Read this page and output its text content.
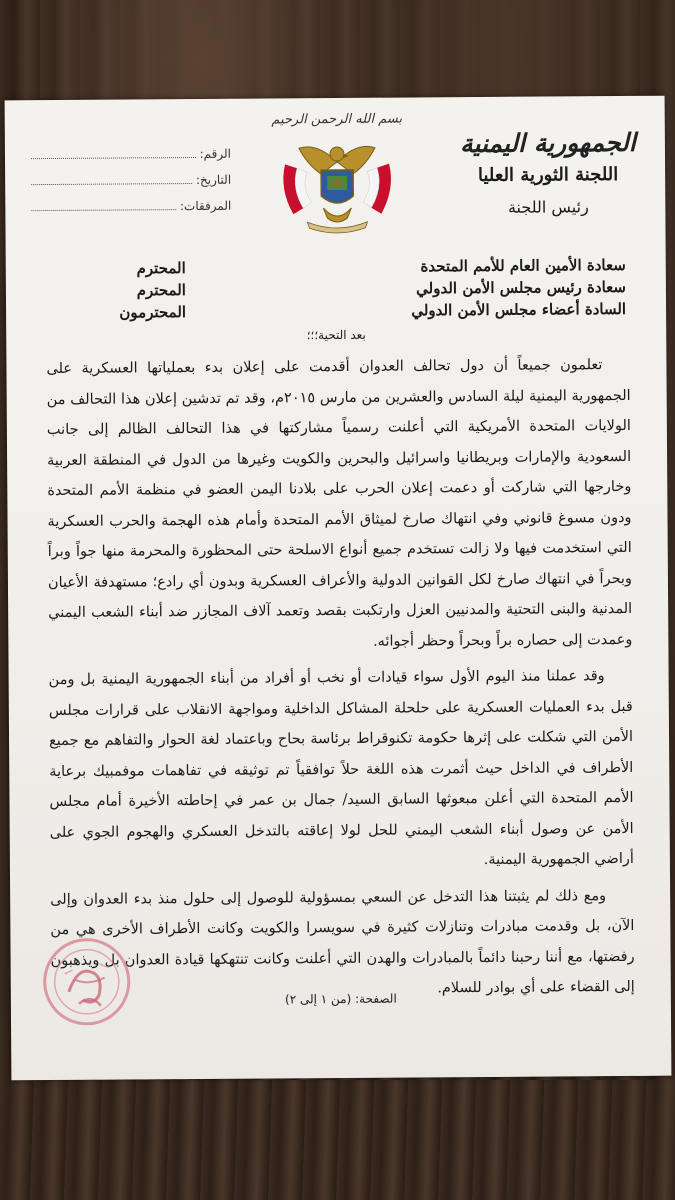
الجمهورية اليمنية
اللجنة الثورية العليا
رئيس اللجنة
بسم الله الرحمن الرحيم
الرقم
:
التاريخ
:
المرفقات
:
سعادة الأمين العام للأمم المتحدة
سعادة رئيس مجلس الأمن الدولي
السادة أعضاء مجلس الأمن الدولي
المحترم
المحترم
المحترمون
بعد التحية؛؛؛

تعلمون جميعاً أن دول تحالف العدوان أقدمت على إعلان بدء بعملياتها العسكرية على الجمهورية اليمنية ليلة السادس والعشرين من مارس ٢٠١٥م، وقد تم تدشين إعلان هذا التحالف من الولايات المتحدة الأمريكية التي أعلنت رسمياً مشاركتها في هذا التحالف الظالم إلى جانب السعودية والإمارات وبريطانيا واسرائيل والبحرين والكويت وغيرها من الدول في المنطقة العربية وخارجها التي شاركت أو دعمت إعلان الحرب على بلادنا اليمن العضو في منظمة الأمم المتحدة ودون مسوغ قانوني وفي انتهاك صارخ لميثاق الأمم المتحدة وأمام هذه الهجمة والحرب العسكرية التي استخدمت فيها ولا زالت تستخدم جميع أنواع الاسلحة حتى المحظورة والمحرمة منها جواً وبراً وبحراً في انتهاك صارخ لكل القوانين الدولية والأعراف العسكرية وبدون أي رادع؛ مستهدفة الأعيان المدنية والبنى التحتية والمدنيين العزل وارتكبت بقصد وتعمد آلاف المجازر ضد أبناء الشعب اليمني وعمدت إلى حصاره براً وبحراً وحظر أجوائه.

وقد عملنا منذ اليوم الأول سواء قيادات أو نخب أو أفراد من أبناء الجمهورية اليمنية بل ومن قبل بدء العمليات العسكرية على حلحلة المشاكل الداخلية ومواجهة الانقلاب على قرارات مجلس الأمن التي شكلت على إثرها حكومة تكنوقراط برئاسة بحاح وباعتماد لغة الحوار والتفاهم مع جميع الأطراف في الداخل حيث أثمرت هذه اللغة حلاً توافقياً تم توثيقه في تفاهمات موفمبيك برعاية الأمم المتحدة التي أعلن مبعوثها السابق السيد/ جمال بن عمر في إحاطته الأخيرة أمام مجلس الأمن عن وصول أبناء الشعب اليمني للحل لولا إعاقته بالتدخل العسكري والهجوم الجوي على أراضي الجمهورية اليمنية.

ومع ذلك لم يثبتنا هذا التدخل عن السعي بمسؤولية للوصول إلى حلول منذ بدء العدوان وإلى الآن، بل وقدمت مبادرات وتنازلات كثيرة في سويسرا والكويت وكانت الأطراف الأخرى هي من رفضتها، مع أننا رحبنا دائماً بالمبادرات والهدن التي أعلنت وكانت تنتهكها قيادة العدوان بل ويذهبون إلى القضاء على أي بوادر للسلام.

الصفحة: (من ١ إلى ٢)
